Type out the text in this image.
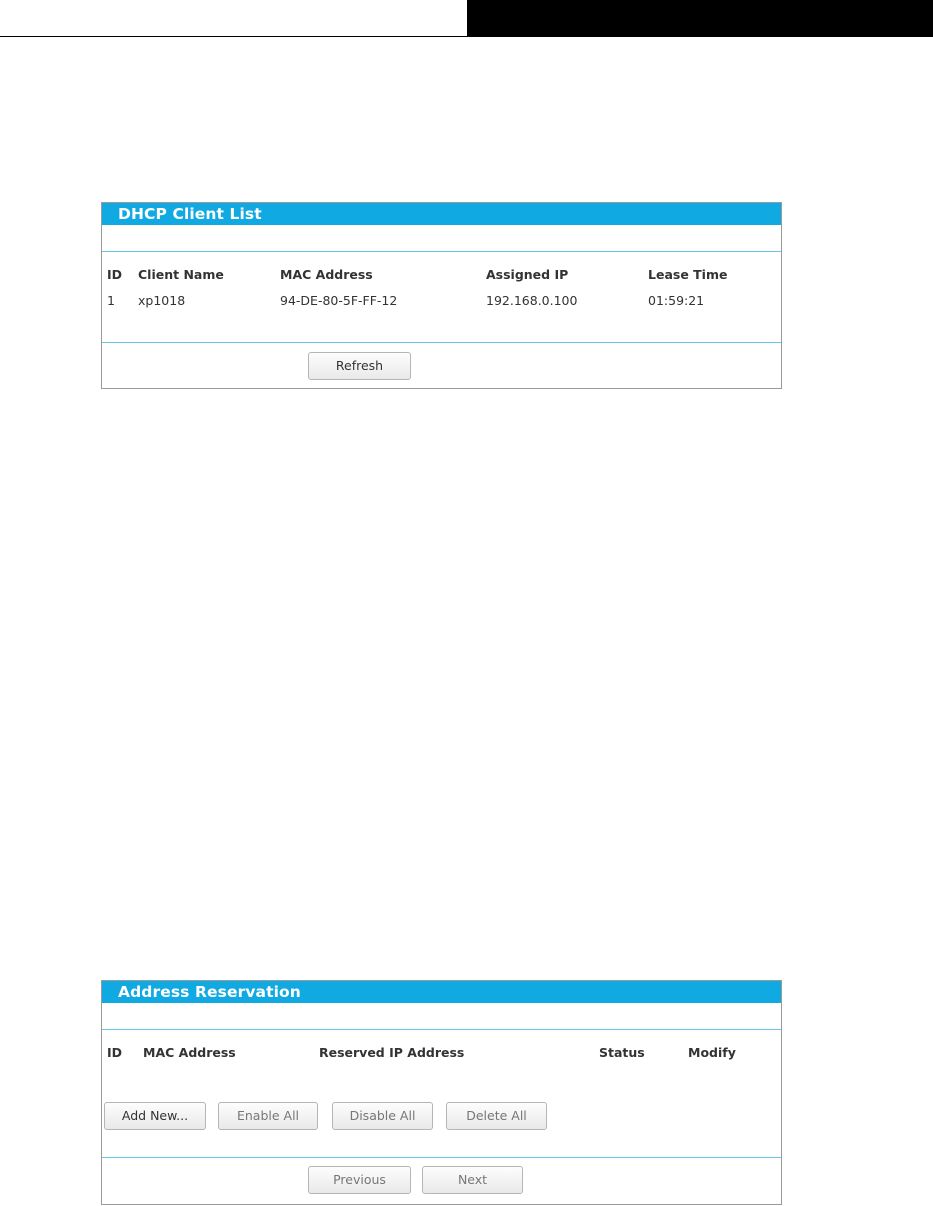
DHCP Client List
ID Client Name	MAC Address	Assigned IP	Lease Time
1 xp1018	94-DE-80-5F-FF-12	192.168.0.100	01:59:21
Refresh
Address Reservation
ID MAC Address	Reserved IP Address	Status	Modify
Add New...	Enable All	Disable All	Delete All
Previous	Next
